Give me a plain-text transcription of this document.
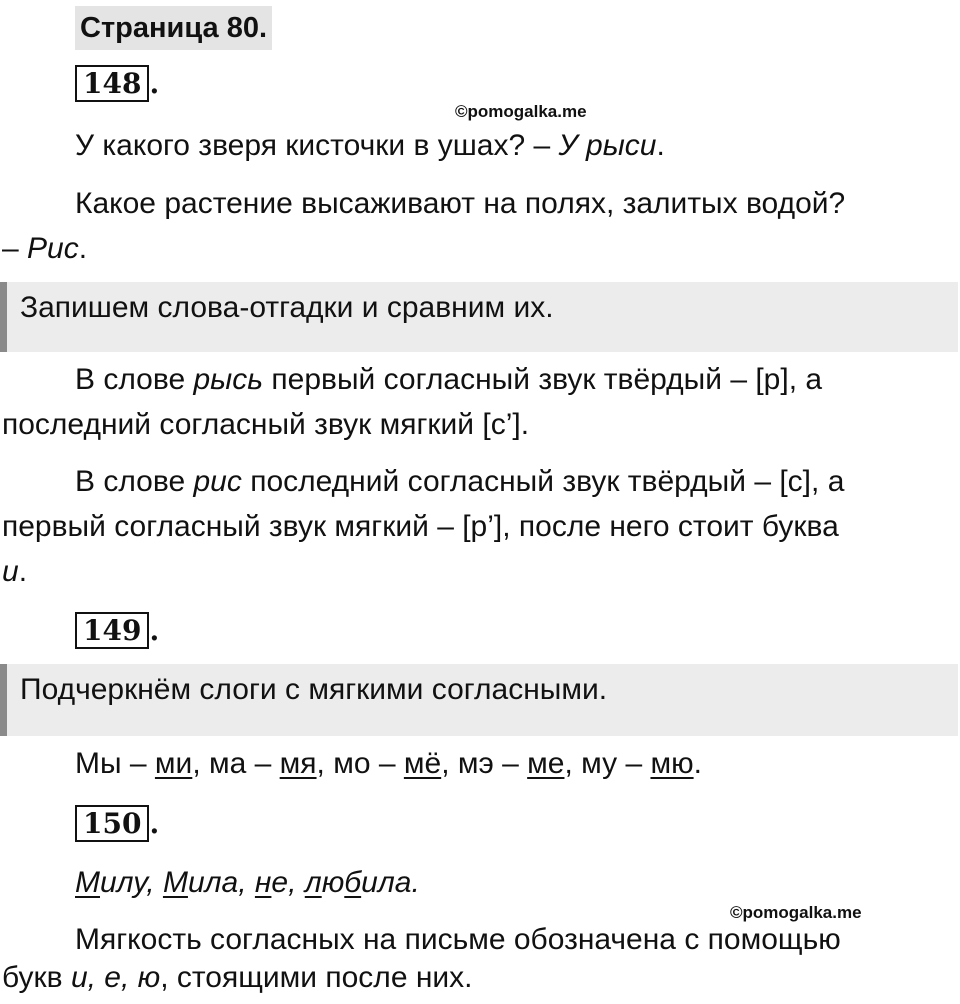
Страница 80.
148 .
©pomogalka.me
У какого зверя кисточки в ушах? – У рыси.
Какое растение высаживают на полях, залитых водой?
– Рис.
Запишем слова-отгадки и сравним их.
В слове рысь первый согласный звук твёрдый – [р], а
последний согласный звук мягкий [с’].
В слове рис последний согласный звук твёрдый – [с], а
первый согласный звук мягкий – [р’], после него стоит буква
и.
149 .
Подчеркнём слоги с мягкими согласными.
Мы – ми, ма – мя, мо – мё, мэ – ме, му – мю.
150 .
Милу, Мила, не, любила.
©pomogalka.me
Мягкость согласных на письме обозначена с помощью
букв и, е, ю, стоящими после них.
